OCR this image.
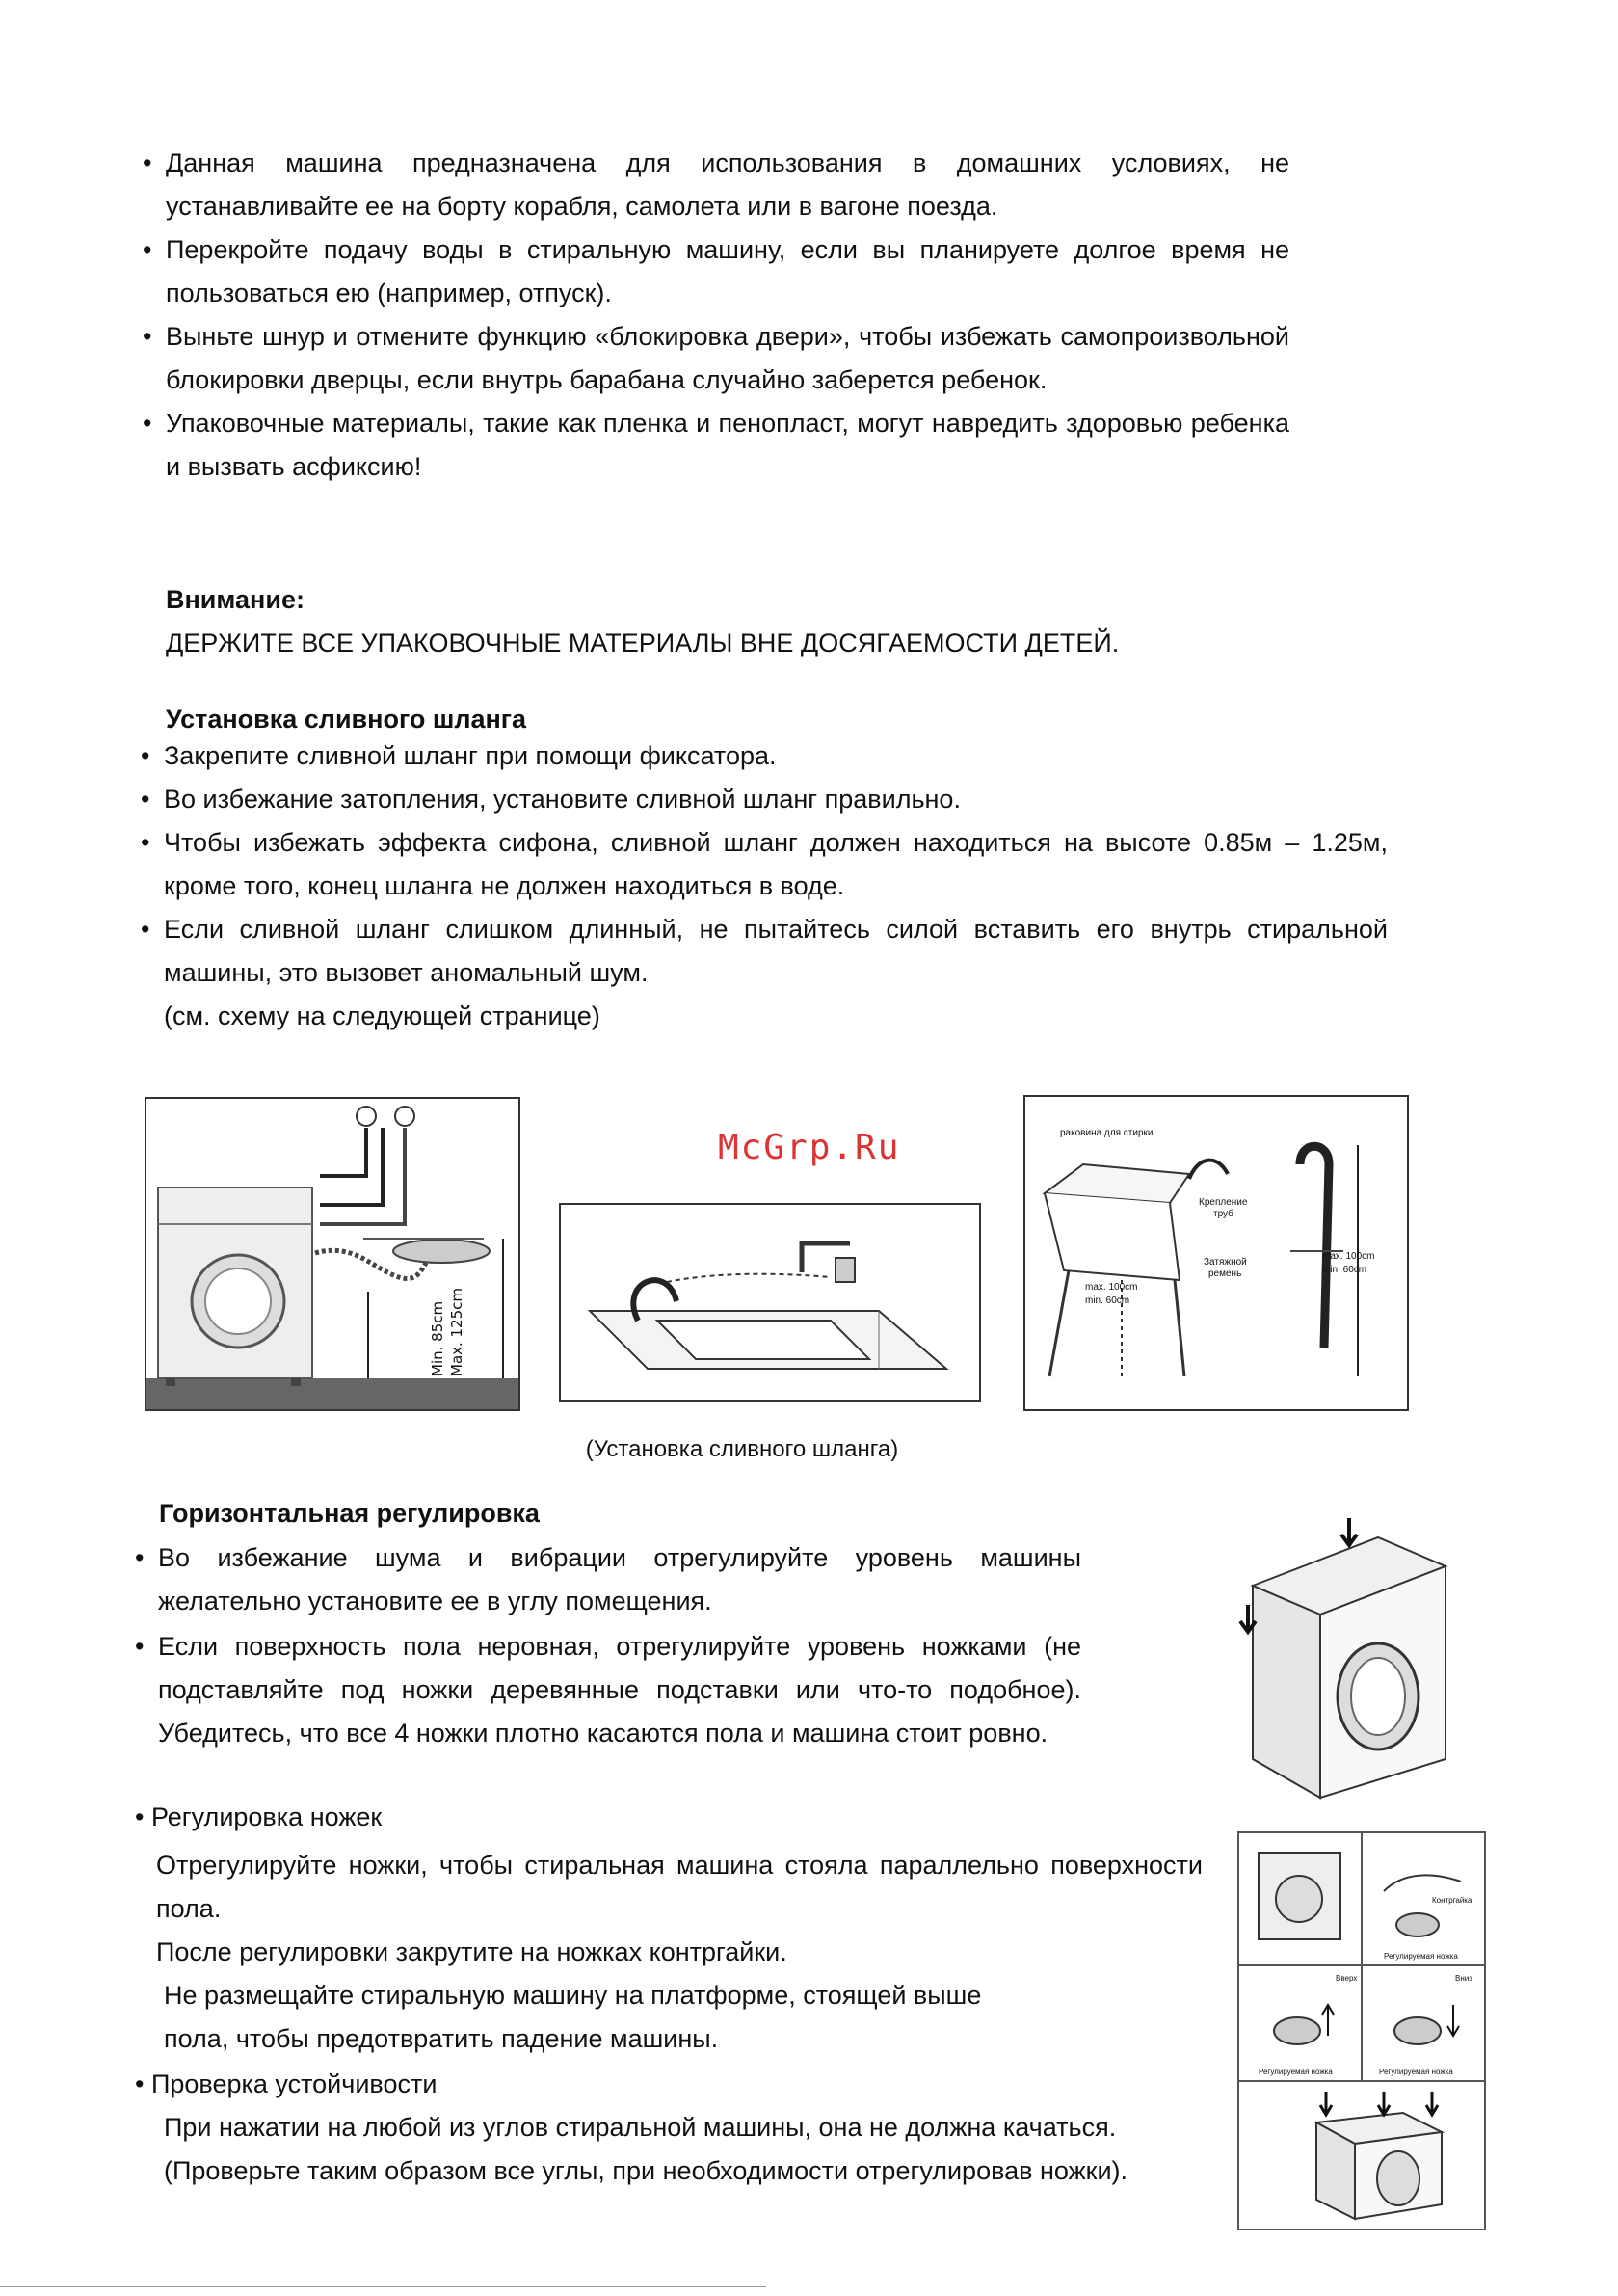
• Данная машина предназначена для использования в домашних условиях, не устанавливайте ее на борту корабля, самолета или в вагоне поезда.
• Перекройте подачу воды в стиральную машину, если вы планируете долгое время не пользоваться ею (например, отпуск).
• Выньте шнур и отмените функцию «блокировка двери», чтобы избежать самопроизвольной блокировки дверцы, если внутрь барабана случайно заберется ребенок.
• Упаковочные материалы, такие как пленка и пенопласт, могут навредить здоровью ребенка и вызвать асфиксию!
Внимание:
ДЕРЖИТЕ ВСЕ УПАКОВОЧНЫЕ МАТЕРИАЛЫ ВНЕ ДОСЯГАЕМОСТИ ДЕТЕЙ.
Установка сливного шланга
• Закрепите сливной шланг при помощи фиксатора.
• Во избежание затопления, установите сливной шланг правильно.
• Чтобы избежать эффекта сифона, сливной шланг должен находиться на высоте 0.85м – 1.25м, кроме того, конец шланга не должен находиться в воде.
• Если сливной шланг слишком длинный, не пытайтесь силой вставить его внутрь стиральной машины, это вызовет аномальный шум.
(см. схему на следующей странице)
Min. 85cm Max. 125cm
McGrp.Ru	раковина для стирки
Крепление
труб
Затяжной
ремень
max. 100cm
min. 60cm
max. 100cm
min. 60cm
(Установка сливного шланга)
Горизонтальная регулировка
• Во избежание шума и вибрации отрегулируйте уровень машины желательно установите ее в углу помещения.
• Если поверхность пола неровная, отрегулируйте уровень ножками (не подставляйте под ножки деревянные подставки или что-то подобное). Убедитесь, что все 4 ножки плотно касаются пола и машина стоит ровно.
• Регулировка ножек
Отрегулируйте ножки, чтобы стиральная машина стояла параллельно поверхности пола.
После регулировки закрутите на ножках контргайки.
Не размещайте стиральную машину на платформе, стоящей выше
пола, чтобы предотвратить падение машины.
• Проверка устойчивости
При нажатии на любой из углов стиральной машины, она не должна качаться.
(Проверьте таким образом все углы, при необходимости отрегулировав ножки).
Контргайка
Регулируемая ножка
Вверх	Вниз
Регулируемая ножка	Регулируемая ножка
